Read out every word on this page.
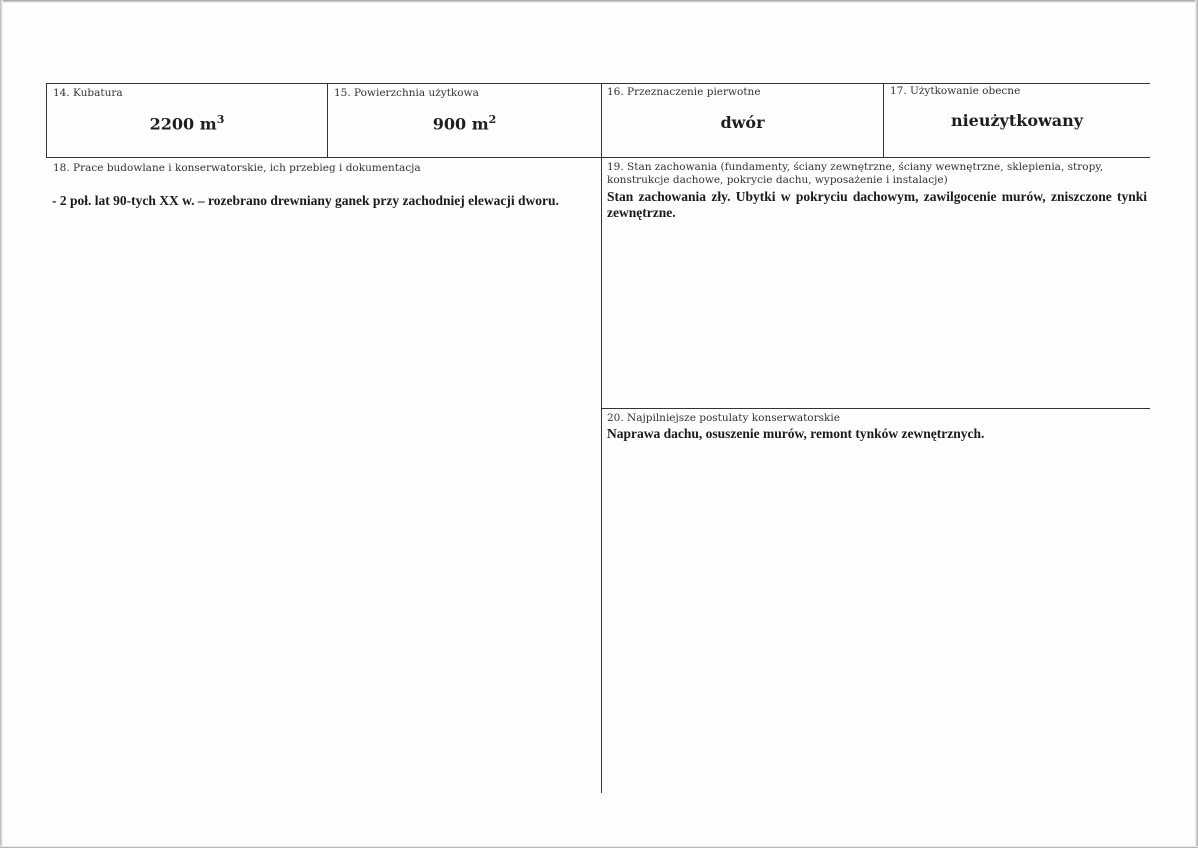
14. Kubatura
2200 $m^3$
15. Powierzchnia użytkowa
900 $m^2$
16. Przeznaczenie pierwotne
dwór
17. Użytkowanie obecne
nieużytkowany
18. Prace budowlane i konserwatorskie, ich przebieg i dokumentacja
- 2 poł. lat 90-tych XX w. – rozebrano drewniany ganek przy zachodniej elewacji dworu.
19. Stan zachowania (fundamenty, ściany zewnętrzne, ściany wewnętrzne, sklepienia, stropy,
konstrukcje dachowe, pokrycie dachu, wyposażenie i instalacje)
Stan zachowania zły. Ubytki w pokryciu dachowym, zawilgocenie murów, zniszczone tynki zewnętrzne.
20. Najpilniejsze postulaty konserwatorskie
Naprawa dachu, osuszenie murów, remont tynków zewnętrznych.
